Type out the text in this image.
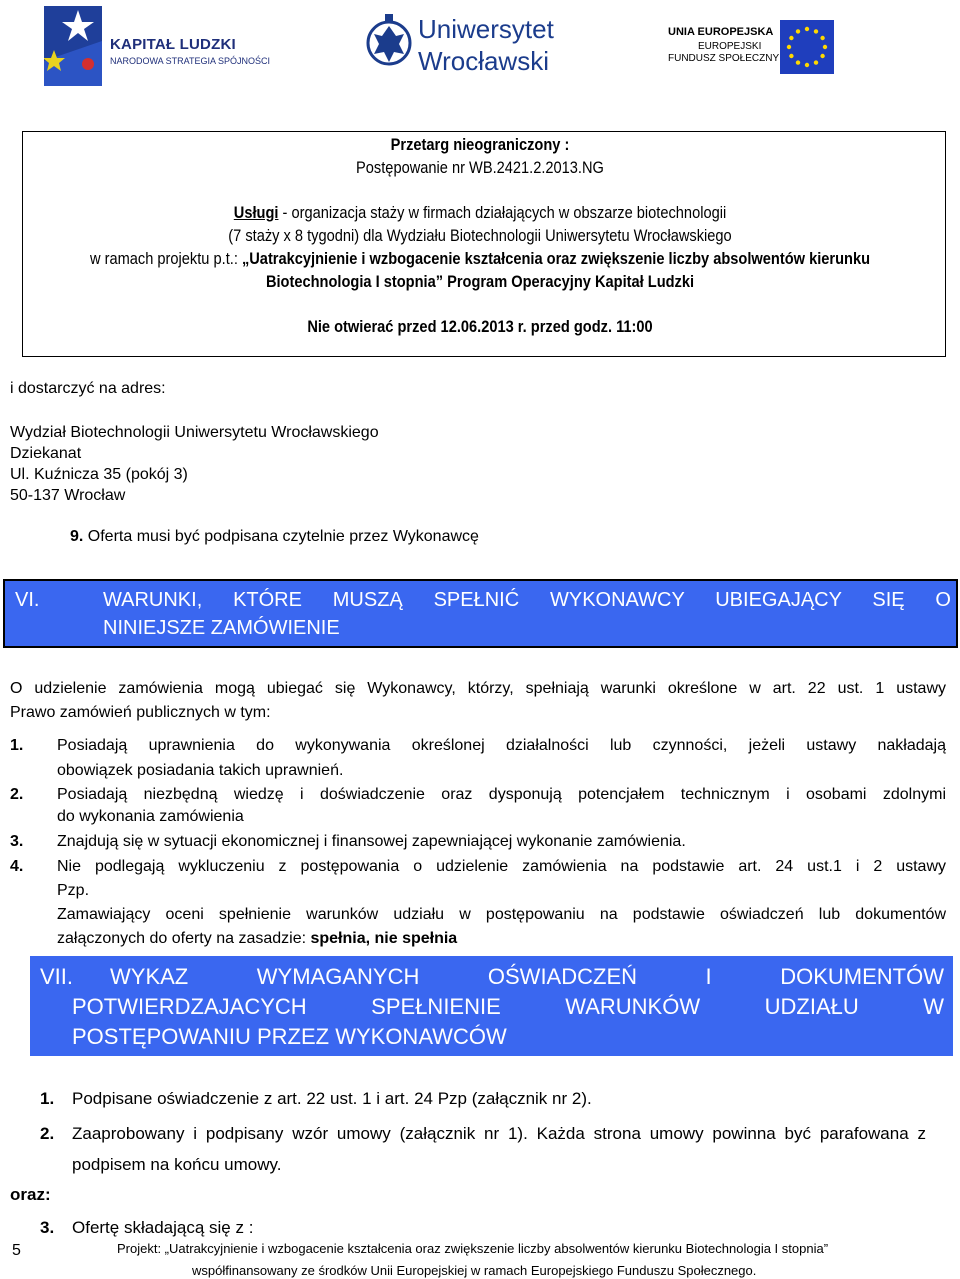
KAPITAŁ LUDZKI
NARODOWA STRATEGIA SPÓJNOŚCI
Uniwersytet
Wrocławski
UNIA EUROPEJSKA
EUROPEJSKI
FUNDUSZ SPOŁECZNY
Przetarg nieograniczony :
Postępowanie nr WB.2421.2.2013.NG
Usługi - organizacja staży w firmach działających w obszarze biotechnologii
(7 staży x 8 tygodni) dla Wydziału Biotechnologii Uniwersytetu Wrocławskiego
w ramach projektu p.t.: „Uatrakcyjnienie i wzbogacenie kształcenia oraz zwiększenie liczby absolwentów kierunku
Biotechnologia I stopnia” Program Operacyjny Kapitał Ludzki
Nie otwierać przed 12.06.2013 r. przed godz. 11:00
i dostarczyć na adres:
Wydział Biotechnologii Uniwersytetu Wrocławskiego
Dziekanat
Ul. Kuźnicza 35 (pokój 3)
50-137 Wrocław
9. Oferta musi być podpisana czytelnie przez Wykonawcę
VI.	WARUNKI, KTÓRE MUSZĄ SPEŁNIĆ WYKONAWCY UBIEGAJĄCY SIĘ O
NINIEJSZE ZAMÓWIENIE
O udzielenie zamówienia mogą ubiegać się Wykonawcy, którzy, spełniają warunki określone w art. 22 ust. 1 ustawy
Prawo zamówień publicznych w tym:
1. Posiadają uprawnienia do wykonywania określonej działalności lub czynności, jeżeli ustawy nakładają
obowiązek posiadania takich uprawnień.
2. Posiadają niezbędną wiedzę i doświadczenie oraz dysponują potencjałem technicznym i osobami zdolnymi
do wykonania zamówienia
3. Znajdują się w sytuacji ekonomicznej i finansowej zapewniającej wykonanie zamówienia.
4. Nie podlegają wykluczeniu z postępowania o udzielenie zamówienia na podstawie art. 24 ust.1 i 2 ustawy
Pzp.
Zamawiający oceni spełnienie warunków udziału w postępowaniu na podstawie oświadczeń lub dokumentów
załączonych do oferty na zasadzie: spełnia, nie spełnia
VII. WYKAZ WYMAGANYCH OŚWIADCZEŃ I DOKUMENTÓW
POTWIERDZAJACYCH SPEŁNIENIE WARUNKÓW UDZIAŁU W
POSTĘPOWANIU PRZEZ WYKONAWCÓW
1. Podpisane oświadczenie z art. 22 ust. 1 i art. 24 Pzp (załącznik nr 2).
2. Zaaprobowany i podpisany wzór umowy (załącznik nr 1). Każda strona umowy powinna być parafowana z
podpisem na końcu umowy.
oraz:
3. Ofertę składającą się z :
5	Projekt: „Uatrakcyjnienie i wzbogacenie kształcenia oraz zwiększenie liczby absolwentów kierunku Biotechnologia I stopnia”
współfinansowany ze środków Unii Europejskiej w ramach Europejskiego Funduszu Społecznego.
